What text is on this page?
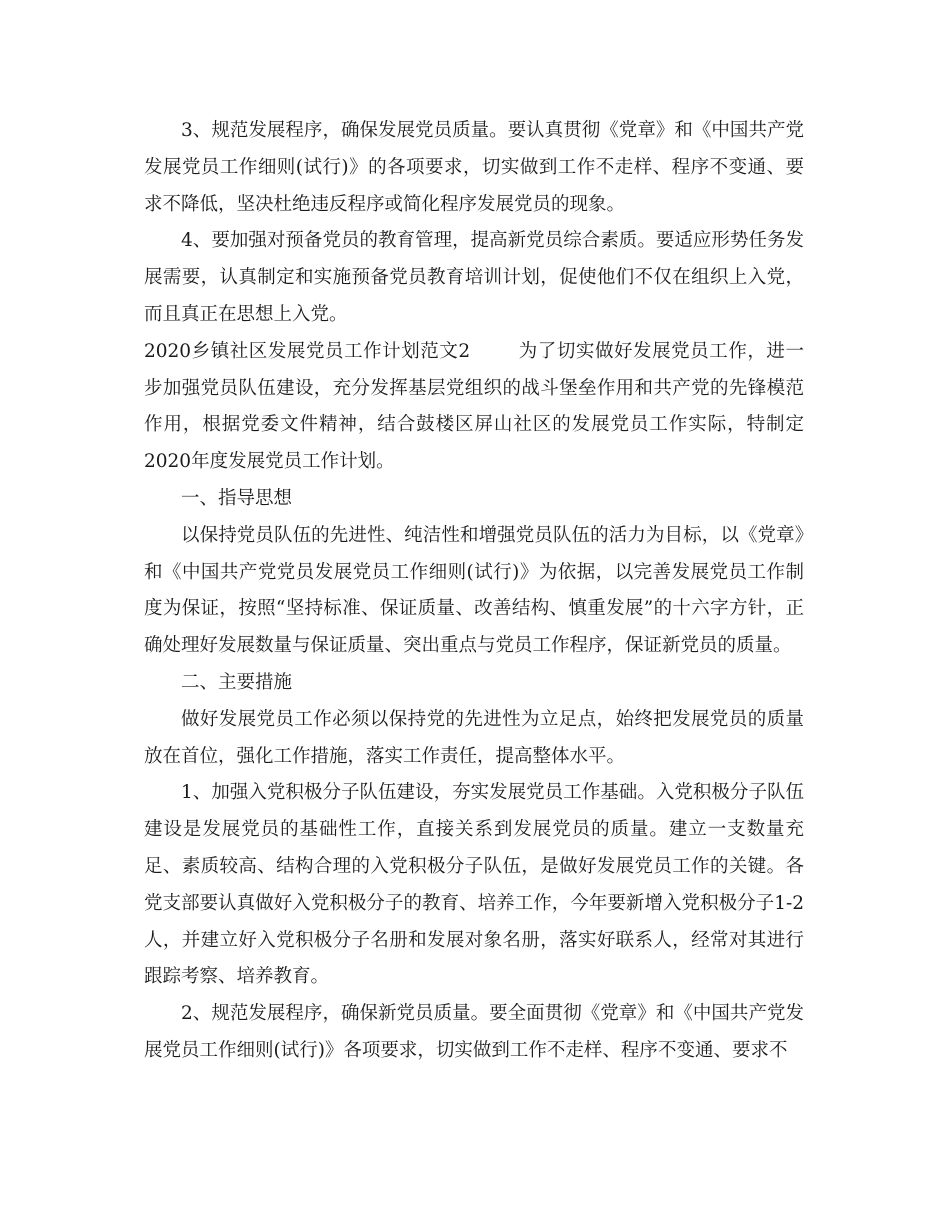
3、规范发展程序，确保发展党员质量。要认真贯彻《党章》和《中国共产党发展党员工作细则(试行)》的各项要求，切实做到工作不走样、程序不变通、要求不降低，坚决杜绝违反程序或简化程序发展党员的现象。

4、要加强对预备党员的教育管理，提高新党员综合素质。要适应形势任务发展需要，认真制定和实施预备党员教育培训计划，促使他们不仅在组织上入党，而且真正在思想上入党。

2020乡镇社区发展党员工作计划范文2	为了切实做好发展党员工作，进一步加强党员队伍建设，充分发挥基层党组织的战斗堡垒作用和共产党的先锋模范作用，根据党委文件精神，结合鼓楼区屏山社区的发展党员工作实际，特制定2020年度发展党员工作计划。

一、指导思想

以保持党员队伍的先进性、纯洁性和增强党员队伍的活力为目标，以《党章》和《中国共产党党员发展党员工作细则(试行)》为依据，以完善发展党员工作制度为保证，按照“坚持标准、保证质量、改善结构、慎重发展”的十六字方针，正确处理好发展数量与保证质量、突出重点与党员工作程序，保证新党员的质量。

二、主要措施

做好发展党员工作必须以保持党的先进性为立足点，始终把发展党员的质量放在首位，强化工作措施，落实工作责任，提高整体水平。

1、加强入党积极分子队伍建设，夯实发展党员工作基础。入党积极分子队伍建设是发展党员的基础性工作，直接关系到发展党员的质量。建立一支数量充足、素质较高、结构合理的入党积极分子队伍，是做好发展党员工作的关键。各党支部要认真做好入党积极分子的教育、培养工作，今年要新增入党积极分子1-2人，并建立好入党积极分子名册和发展对象名册，落实好联系人，经常对其进行跟踪考察、培养教育。

2、规范发展程序，确保新党员质量。要全面贯彻《党章》和《中国共产党发展党员工作细则(试行)》各项要求，切实做到工作不走样、程序不变通、要求不
